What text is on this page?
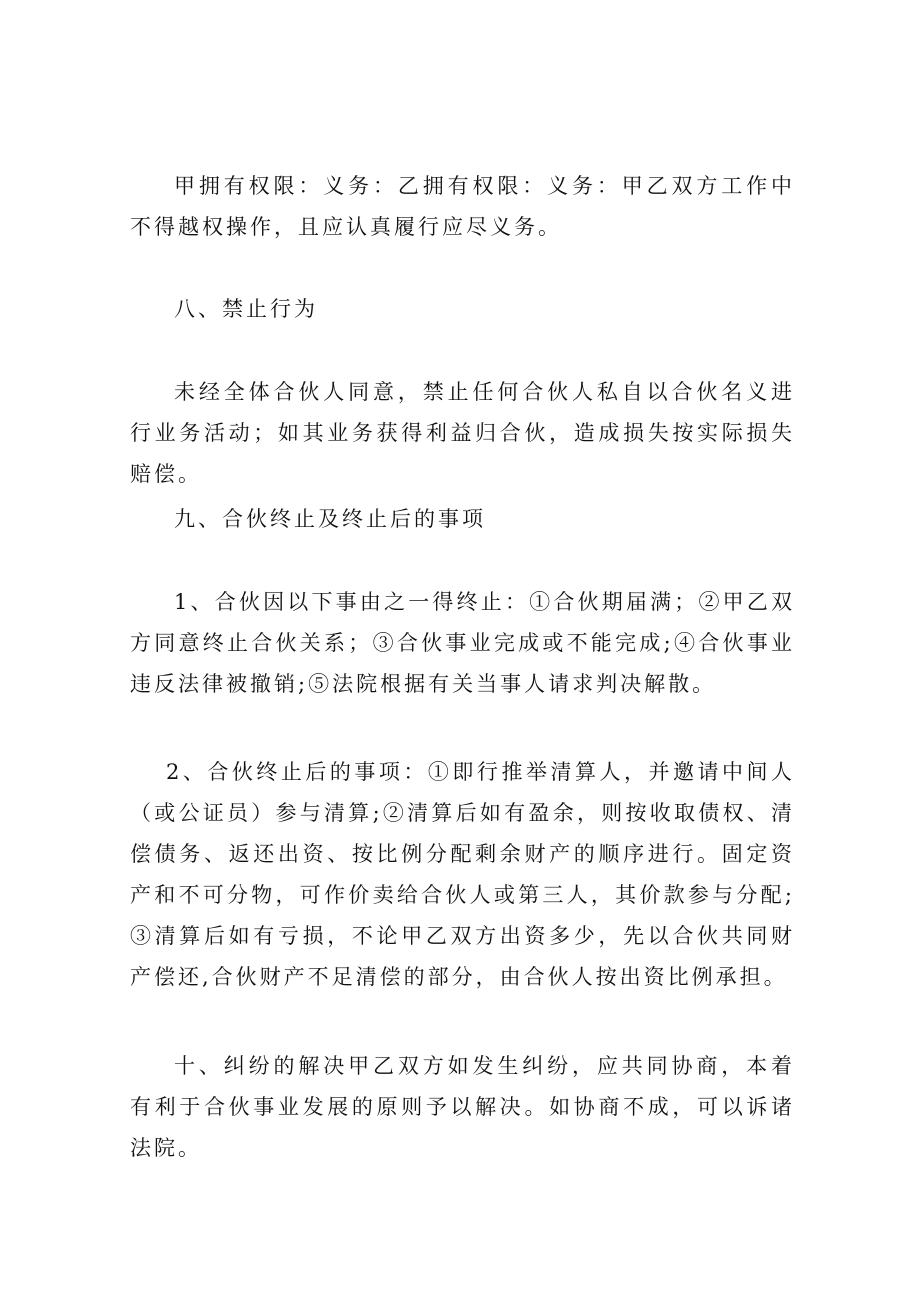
甲拥有权限：义务：乙拥有权限：义务：甲乙双方工作中不得越权操作，且应认真履行应尽义务。

八、禁止行为

未经全体合伙人同意，禁止任何合伙人私自以合伙名义进行业务活动；如其业务获得利益归合伙，造成损失按实际损失赔偿。

九、合伙终止及终止后的事项

1、合伙因以下事由之一得终止：①合伙期届满；②甲乙双方同意终止合伙关系；③合伙事业完成或不能完成;④合伙事业违反法律被撤销;⑤法院根据有关当事人请求判决解散。

2、合伙终止后的事项：①即行推举清算人，并邀请中间人（或公证员）参与清算;②清算后如有盈余，则按收取债权、清偿债务、返还出资、按比例分配剩余财产的顺序进行。固定资产和不可分物，可作价卖给合伙人或第三人，其价款参与分配;③清算后如有亏损，不论甲乙双方出资多少，先以合伙共同财产偿还,合伙财产不足清偿的部分，由合伙人按出资比例承担。

十、纠纷的解决甲乙双方如发生纠纷，应共同协商，本着有利于合伙事业发展的原则予以解决。如协商不成，可以诉诸法院。
